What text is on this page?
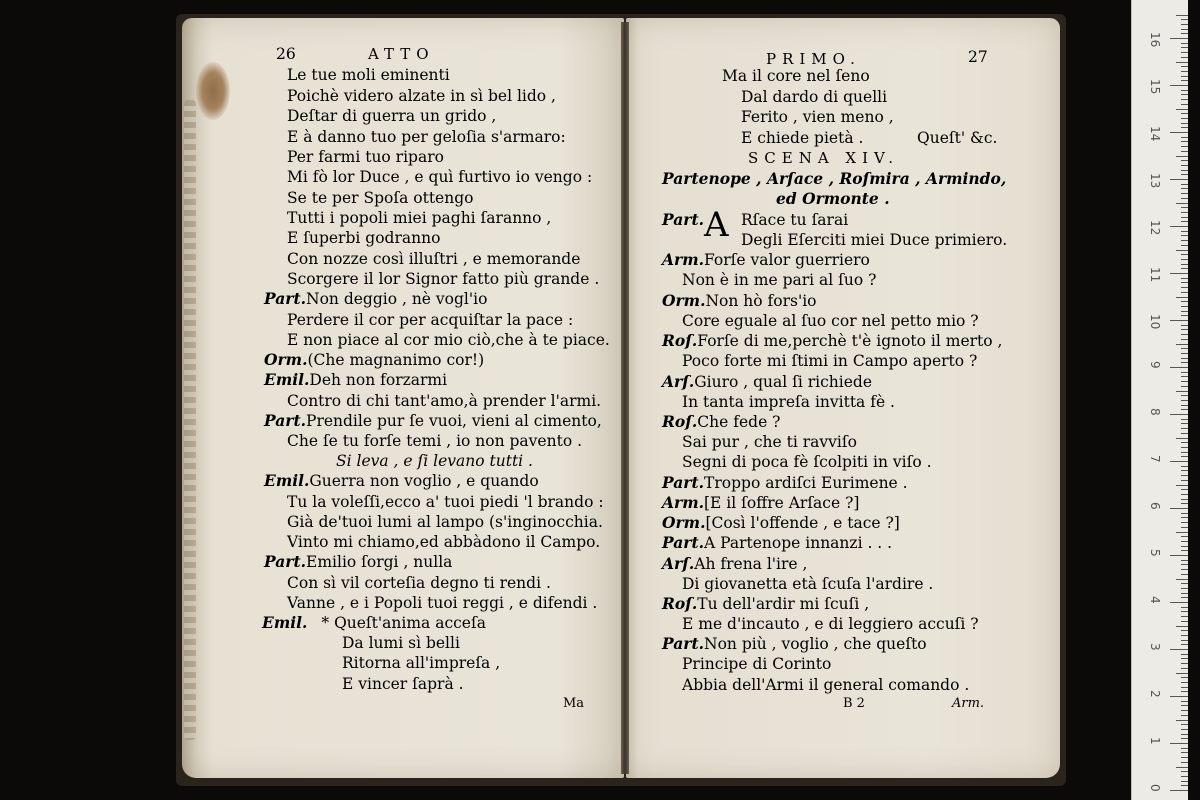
26	ATTO
Le tue moli eminenti
Poichè videro alzate in sì bel lido ,
Deſtar di guerra un grido ,
E à danno tuo per geloſia s'armaro:
Per farmi tuo riparo
Mi fò lor Duce , e quì furtivo io vengo :
Se te per Spoſa ottengo
Tutti i popoli miei paghi ſaranno ,
E ſuperbi godranno
Con nozze così illuſtri , e memorande
Scorgere il lor Signor fatto più grande .
Part.Non deggio , nè vogl'io
Perdere il cor per acquiſtar la pace :
E non piace al cor mio ciò,che à te piace.
Orm.(Che magnanimo cor!)
Emil.Deh non forzarmi
Contro di chi tant'amo,à prender l'armi.
Part.Prendile pur ſe vuoi, vieni al cimento,
Che ſe tu forſe temi , io non pavento .
Si leva , e ſi levano tutti .
Emil.Guerra non voglio , e quando
Tu la voleſſi,ecco a' tuoi piedi 'l brando :
Già de'tuoi lumi al lampo (s'inginocchia.
Vinto mi chiamo,ed abbàdono il Campo.
Part.Emilio ſorgi , nulla
Con sì vil corteſia degno ti rendi .
Vanne , e i Popoli tuoi reggi , e difendi .
Emil. * Queſt'anima acceſa
Da lumi sì belli
Ritorna all'impreſa ,
E vincer ſaprà .
Ma
PRIMO.	27
Ma il core nel ſeno
Dal dardo di quelli
Ferito , vien meno ,
E chiede pietà .	Queſt' &c.
SCENA XIV.
Partenope , Arſace , Roſmira , Armindo,
ed Ormonte .
Part. A Rſace tu ſarai
Degli Eſerciti miei Duce primiero.
Arm.Forſe valor guerriero
Non è in me pari al ſuo ?
Orm.Non hò fors'io
Core eguale al ſuo cor nel petto mio ?
Roſ.Forſe di me,perchè t'è ignoto il merto ,
Poco forte mi ſtimi in Campo aperto ?
Arſ.Giuro , qual ſi richiede
In tanta impreſa invitta fè .
Roſ.Che fede ?
Sai pur , che ti ravviſo
Segni di poca fè ſcolpiti in viſo .
Part.Troppo ardiſci Eurimene .
Arm.[E il ſoffre Arſace ?]
Orm.[Così l'offende , e tace ?]
Part.A Partenope innanzi . . .
Arſ.Ah frena l'ire ,
Di giovanetta età ſcuſa l'ardire .
Roſ.Tu dell'ardir mi ſcuſi ,
E me d'incauto , e di leggiero accuſi ?
Part.Non più , voglio , che queſto
Principe di Corinto
Abbia dell'Armi il general comando .
B 2	Arm.
0
1
2
3
4
5
6
7
8
9
10
11
12
13
14
15
16
